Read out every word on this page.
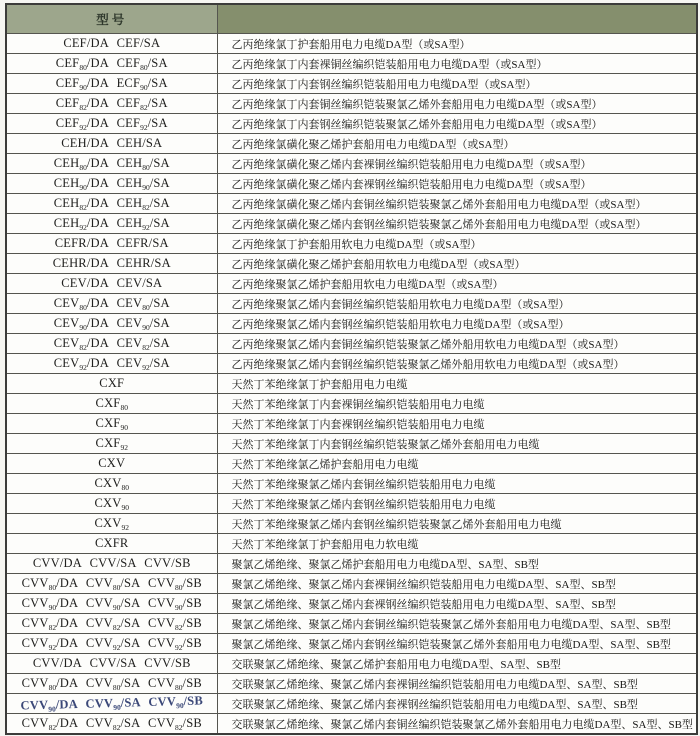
型号	
CEF/DA CEF/SA	乙丙绝缘氯丁护套船用电力电缆DA型（或SA型）
$CEF_{80}/DA$ $CEF_{80}/SA$	乙丙绝缘氯丁内套裸铜丝编织铠装船用电力电缆DA型（或SA型）
$CEF_{90}/DA$ $ECF_{90}/SA$	乙丙绝缘氯丁内套钢丝编织铠装船用电力电缆DA型（或SA型）
$CEF_{82}/DA$ $CEF_{82}/SA$	乙丙绝缘氯丁内套铜丝编织铠装聚氯乙烯外套船用电力电缆DA型（或SA型）
$CEF_{92}/DA$ $CEF_{92}/SA$	乙丙绝缘氯丁内套钢丝编织铠装聚氯乙烯外套船用电力电缆DA型（或SA型）
CEH/DA CEH/SA	乙丙绝缘氯磺化聚乙烯护套船用电力电缆DA型（或SA型）
$CEH_{80}/DA$ $CEH_{80}/SA$	乙丙绝缘氯磺化聚乙烯内套裸铜丝编织铠装船用电力电缆DA型（或SA型）
$CEH_{90}/DA$ $CEH_{90}/SA$	乙丙绝缘氯磺化聚乙烯内套裸钢丝编织铠装船用电力电缆DA型（或SA型）
$CEH_{82}/DA$ $CEH_{82}/SA$	乙丙绝缘氯磺化聚乙烯内套铜丝编织铠装聚氯乙烯外套船用电力电缆DA型（或SA型）
$CEH_{92}/DA$ $CEH_{92}/SA$	乙丙绝缘氯磺化聚乙烯内套钢丝编织铠装聚氯乙烯外套船用电力电缆DA型（或SA型）
CEFR/DA CEFR/SA	乙丙绝缘氯丁护套船用软电力电缆DA型（或SA型）
CEHR/DA CEHR/SA	乙丙绝缘氯磺化聚乙烯护套船用软电力电缆DA型（或SA型）
CEV/DA CEV/SA	乙丙绝缘聚氯乙烯护套船用软电力电缆DA型（或SA型）
$CEV_{80}/DA$ $CEV_{80}/SA$	乙丙绝缘聚氯乙烯内套铜丝编织铠装船用软电力电缆DA型（或SA型）
$CEV_{90}/DA$ $CEV_{90}/SA$	乙丙绝缘聚氯乙烯内套钢丝编织铠装船用软电力电缆DA型（或SA型）
$CEV_{82}/DA$ $CEV_{82}/SA$	乙丙绝缘聚氯乙烯内套铜丝编织铠装聚氯乙烯外船用软电力电缆DA型（或SA型）
$CEV_{92}/DA$ $CEV_{92}/SA$	乙丙绝缘聚氯乙烯内套钢丝编织铠装聚氯乙烯外船用软电力电缆DA型（或SA型）
CXF	天然丁苯绝缘氯丁护套船用电力电缆
$CXF_{80}$	天然丁苯绝缘氯丁内套裸铜丝编织铠装船用电力电缆
$CXF_{90}$	天然丁苯绝缘氯丁内套裸钢丝编织铠装船用电力电缆
$CXF_{92}$	天然丁苯绝缘氯丁内套钢丝编织铠装聚氯乙烯外套船用电力电缆
CXV	天然丁苯绝缘氯乙烯护套船用电力电缆
$CXV_{80}$	天然丁苯绝缘聚氯乙烯内套铜丝编织铠装船用电力电缆
$CXV_{90}$	天然丁苯绝缘聚氯乙烯内套钢丝编织铠装船用电力电缆
$CXV_{92}$	天然丁苯绝缘聚氯乙烯内套钢丝编织铠装聚氯乙烯外套船用电力电缆
CXFR	天然丁苯绝缘氯丁护套船用电力软电缆
CVV/DA CVV/SA CVV/SB	聚氯乙烯绝缘、聚氯乙烯护套船用电力电缆DA型、SA型、SB型
$CVV_{80}/DA$ $CVV_{80}/SA$ $CVV_{80}/SB$	聚氯乙烯绝缘、聚氯乙烯内套裸铜丝编织铠装船用电力电缆DA型、SA型、SB型
$CVV_{90}/DA$ $CVV_{90}/SA$ $CVV_{90}/SB$	聚氯乙烯绝缘、聚氯乙烯内套裸钢丝编织铠装船用电力电缆DA型、SA型、SB型
$CVV_{82}/DA$ $CVV_{82}/SA$ $CVV_{82}/SB$	聚氯乙烯绝缘、聚氯乙烯内套铜丝编织铠装聚氯乙烯外套船用电力电缆DA型、SA型、SB型
$CVV_{92}/DA$ $CVV_{92}/SA$ $CVV_{92}/SB$	聚氯乙烯绝缘、聚氯乙烯内套钢丝编织铠装聚氯乙烯外套船用电力电缆DA型、SA型、SB型
CVV/DA CVV/SA CVV/SB	交联聚氯乙烯绝缘、聚氯乙烯护套船用电力电缆DA型、SA型、SB型
$CVV_{80}/DA$ $CVV_{80}/SA$ $CVV_{80}/SB$	交联聚氯乙烯绝缘、聚氯乙烯内套裸铜丝编织铠装船用电力电缆DA型、SA型、SB型
$CVV_{90}/DA$ $CVV_{90}/SA$ $CVV_{90}/SB$	交联聚氯乙烯绝缘、聚氯乙烯内套裸钢丝编织铠装船用电力电缆DA型、SA型、SB型
$CVV_{82}/DA$ $CVV_{82}/SA$ $CVV_{82}/SB$	交联聚氯乙烯绝缘、聚氯乙烯内套铜丝编织铠装聚氯乙烯外套船用电力电缆DA型、SA型、SB型
